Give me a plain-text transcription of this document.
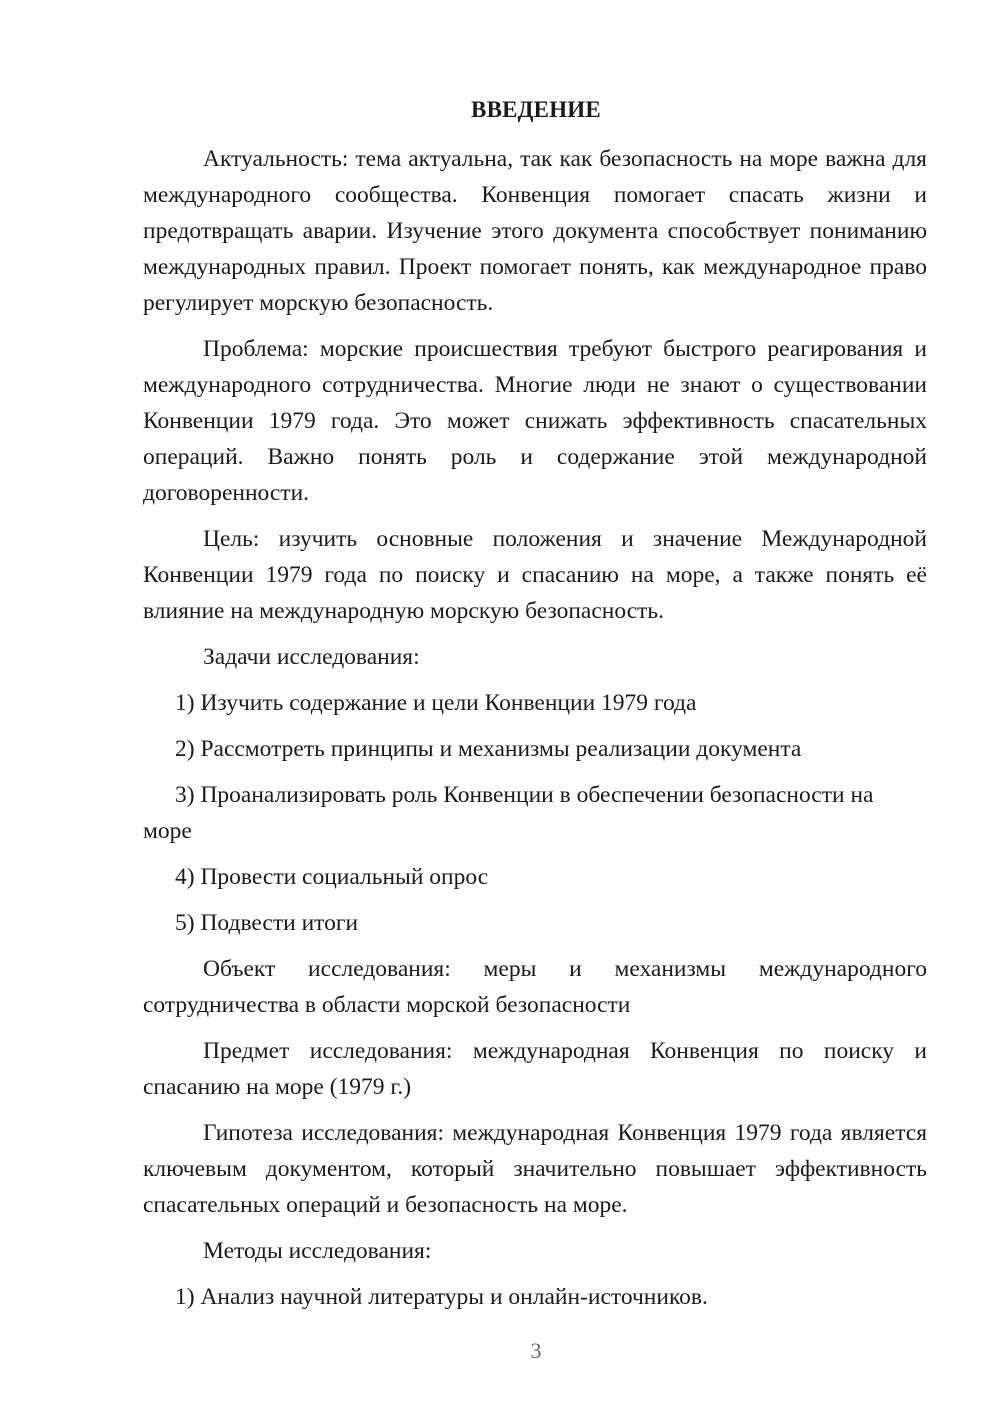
ВВЕДЕНИЕ

Актуальность: тема актуальна, так как безопасность на море важна для международного сообщества. Конвенция помогает спасать жизни и предотвращать аварии. Изучение этого документа способствует пониманию международных правил. Проект помогает понять, как международное право регулирует морскую безопасность.

Проблема: морские происшествия требуют быстрого реагирования и международного сотрудничества. Многие люди не знают о существовании Конвенции 1979 года. Это может снижать эффективность спасательных операций. Важно понять роль и содержание этой международной договоренности.

Цель: изучить основные положения и значение Международной Конвенции 1979 года по поиску и спасанию на море, а также понять её влияние на международную морскую безопасность.

Задачи исследования:

1) Изучить содержание и цели Конвенции 1979 года

2) Рассмотреть принципы и механизмы реализации документа

3) Проанализировать роль Конвенции в обеспечении безопасности на море

4) Провести социальный опрос

5) Подвести итоги

Объект исследования: меры и механизмы международного сотрудничества в области морской безопасности

Предмет исследования: международная Конвенция по поиску и спасанию на море (1979 г.)

Гипотеза исследования: международная Конвенция 1979 года является ключевым документом, который значительно повышает эффективность спасательных операций и безопасность на море.

Методы исследования:

1) Анализ научной литературы и онлайн-источников.

3
